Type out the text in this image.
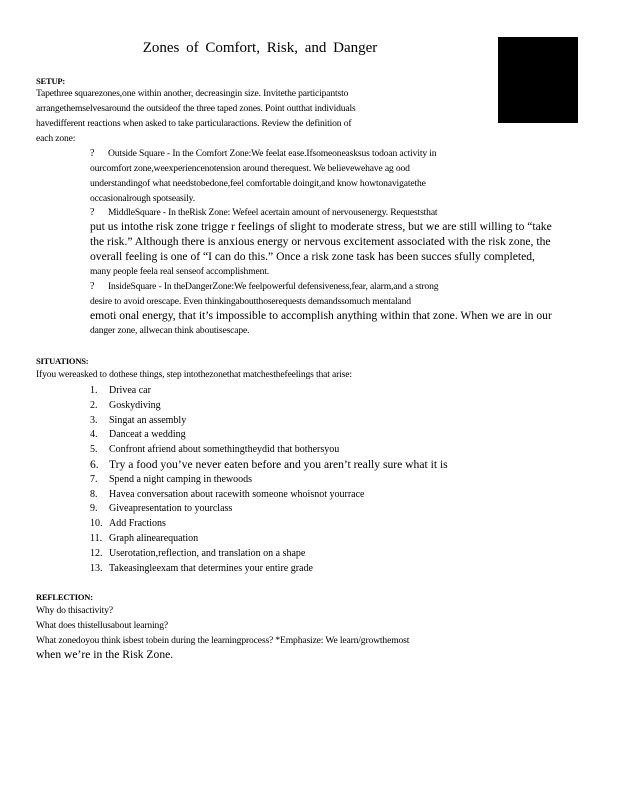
Zones of Comfort, Risk, and Danger
SETUP:
Tapethree squarezones,one within another, decreasingin size. Invitethe participantsto
arrangethemselvesaround the outsideof the three taped zones. Point outthat individuals
havedifferent reactions when asked to take particularactions. Review the definition of
each zone:
? Outside Square - In the Comfort Zone:We feelat ease.Ifsomeoneasksus todoan activity in
ourcomfort zone,weexperiencenotension around therequest. We believewehave ag ood
understandingof what needstobedone,feel comfortable doingit,and know howtonavigatethe
occasionalrough spotseasily.
? MiddleSquare - In theRisk Zone: Wefeel acertain amount of nervousenergy. Requeststhat
put us intothe risk zone trigge r feelings of slight to moderate stress, but we are still willing to “take
the risk.” Although there is anxious energy or nervous excitement associated with the risk zone, the
overall feeling is one of “I can do this.” Once a risk zone task has been succes sfully completed,
many people feela real senseof accomplishment.
? InsideSquare - In theDangerZone:We feelpowerful defensiveness,fear, alarm,and a strong
desire to avoid orescape. Even thinkingaboutthoserequests demandssomuch mentaland
emoti onal energy, that it’s impossible to accomplish anything within that zone. When we are in our
danger zone, allwecan think aboutisescape.
SITUATIONS:
Ifyou wereasked to dothese things, step intothezonethat matchesthefeelings that arise:
1. Drivea car
2. Goskydiving
3. Singat an assembly
4. Danceat a wedding
5. Confront afriend about somethingtheydid that bothersyou
6. Try a food you’ve never eaten before and you aren’t really sure what it is
7. Spend a night camping in thewoods
8. Havea conversation about racewith someone whoisnot yourrace
9. Giveapresentation to yourclass
10. Add Fractions
11. Graph alinearequation
12. Userotation,reflection, and translation on a shape
13. Takeasingleexam that determines your entire grade
REFLECTION:
Why do thisactivity?
What does thistellusabout learning?
What zonedoyou think isbest tobein during the learningprocess? *Emphasize: We learn/growthemost
when we’re in the Risk Zone.
